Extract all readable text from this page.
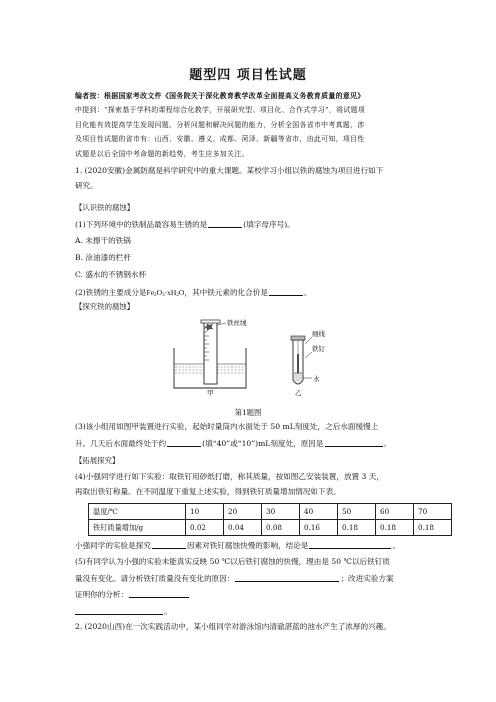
题型四 项目性试题
编者按：根据国家考改文件《国务院关于深化教育教学改革全面提高义务教育质量的意见》
中提到：“探索基于学科的课程综合化教学，开展研究型、项目化、合作式学习”，将试题项
目化能有效提高学生发现问题、分析问题和解决问题的能力，分析全国各省市中考真题，涉
及项目性试题的省市有：山西、安徽、遵义、成都、菏泽、新疆等省市，由此可知，项目性
试题是以后全国中考命题的新趋势，考生应多加关注。
1. (2020安徽)金属防腐是科学研究中的重大课题。某校学习小组以铁的腐蚀为项目进行如下
研究。
【认识铁的腐蚀】
(1)下列环境中的铁制品最容易生锈的是	(填字母序号)。
A. 未擦干的铁锅
B. 涂油漆的栏杆
C. 盛水的不锈钢水杯
(2)铁锈的主要成分是$Fe_2O_3\cdot xH_2O$，其中铁元素的化合价是	。
【探究铁的腐蚀】
铁丝绒
甲
细线
铁钉
水
乙
第1题图
(3)该小组用如图甲装置进行实验，起始时量筒内水面处于 50 mL刻度处，之后水面缓慢上
升。几天后水面最终处于约	(填“40”或“10”)mL刻度处，原因是	。
【拓展探究】
(4)小强同学进行如下实验：取铁钉用砂纸打磨，称其质量，按如图乙安装装置，放置 3 天，
再取出铁钉称量。在不同温度下重复上述实验，得到铁钉质量增加情况如下表。
温度/℃	10	20	30	40	50	60	70
铁钉质量增加/g	0.02	0.04	0.08	0.16	0.18	0.18	0.18
小强同学的实验是探究	因素对铁钉腐蚀快慢的影响，结论是	。
(5)有同学认为小强的实验未能真实反映 50 ℃以后铁钉腐蚀的快慢，理由是 50 ℃以后铁钉质
量没有变化。请分析铁钉质量没有变化的原因：	；改进实验方案
证明你的分析：
。
2. (2020山西)在一次实践活动中，某小组同学对游泳馆内清澈湛蓝的池水产生了浓厚的兴趣。
